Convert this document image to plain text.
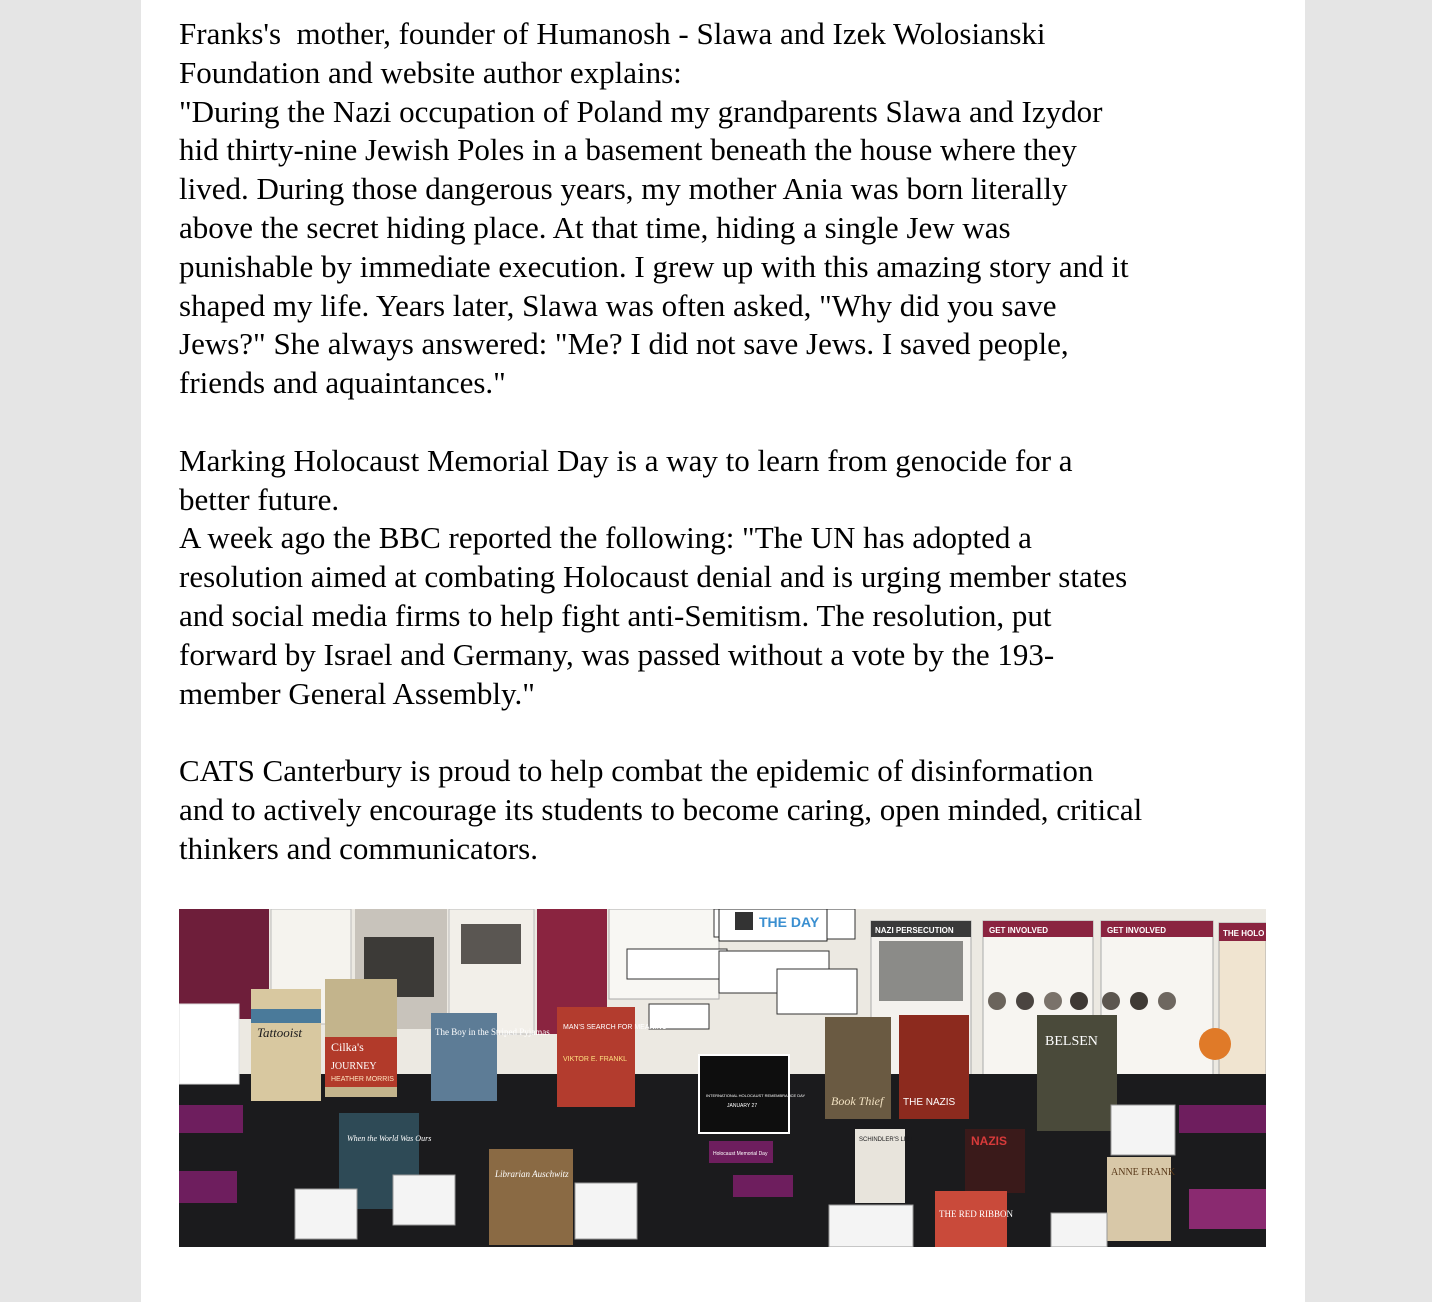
Franks's  mother, founder of Humanosh - Slawa and Izek Wolosianski

Foundation and website author explains:

"During the Nazi occupation of Poland my grandparents Slawa and Izydor

hid thirty-nine Jewish Poles in a basement beneath the house where they

lived. During those dangerous years, my mother Ania was born literally

above the secret hiding place. At that time, hiding a single Jew was

punishable by immediate execution. I grew up with this amazing story and it

shaped my life. Years later, Slawa was often asked, "Why did you save

Jews?" She always answered: "Me? I did not save Jews. I saved people,

friends and aquaintances."

Marking Holocaust Memorial Day is a way to learn from genocide for a

better future.

A week ago the BBC reported the following: "The UN has adopted a

resolution aimed at combating Holocaust denial and is urging member states

and social media firms to help fight anti-Semitism. The resolution, put

forward by Israel and Germany, was passed without a vote by the 193-

member General Assembly."

CATS Canterbury is proud to help combat the epidemic of disinformation

and to actively encourage its students to become caring, open minded, critical

thinkers and communicators.

THE DAY
NAZI PERSECUTION	GET INVOLVED	GET INVOLVED	THE HOLO
Tattooist
Cilka's
JOURNEY
HEATHER MORRIS
The Boy in the Striped Pyjamas MAN'S SEARCH FOR MEANING
VIKTOR E. FRANKL
INTERNATIONAL HOLOCAUST REMEMBRANCE DAY
JANUARY 27	Book Thief THE NAZIS
BELSEN
When the World Was Ours
Librarian Auschwitz
SCHINDLER'S LIST	NAZIS
THE RED RIBBON
ANNE FRANK
Holocaust Memorial Day
